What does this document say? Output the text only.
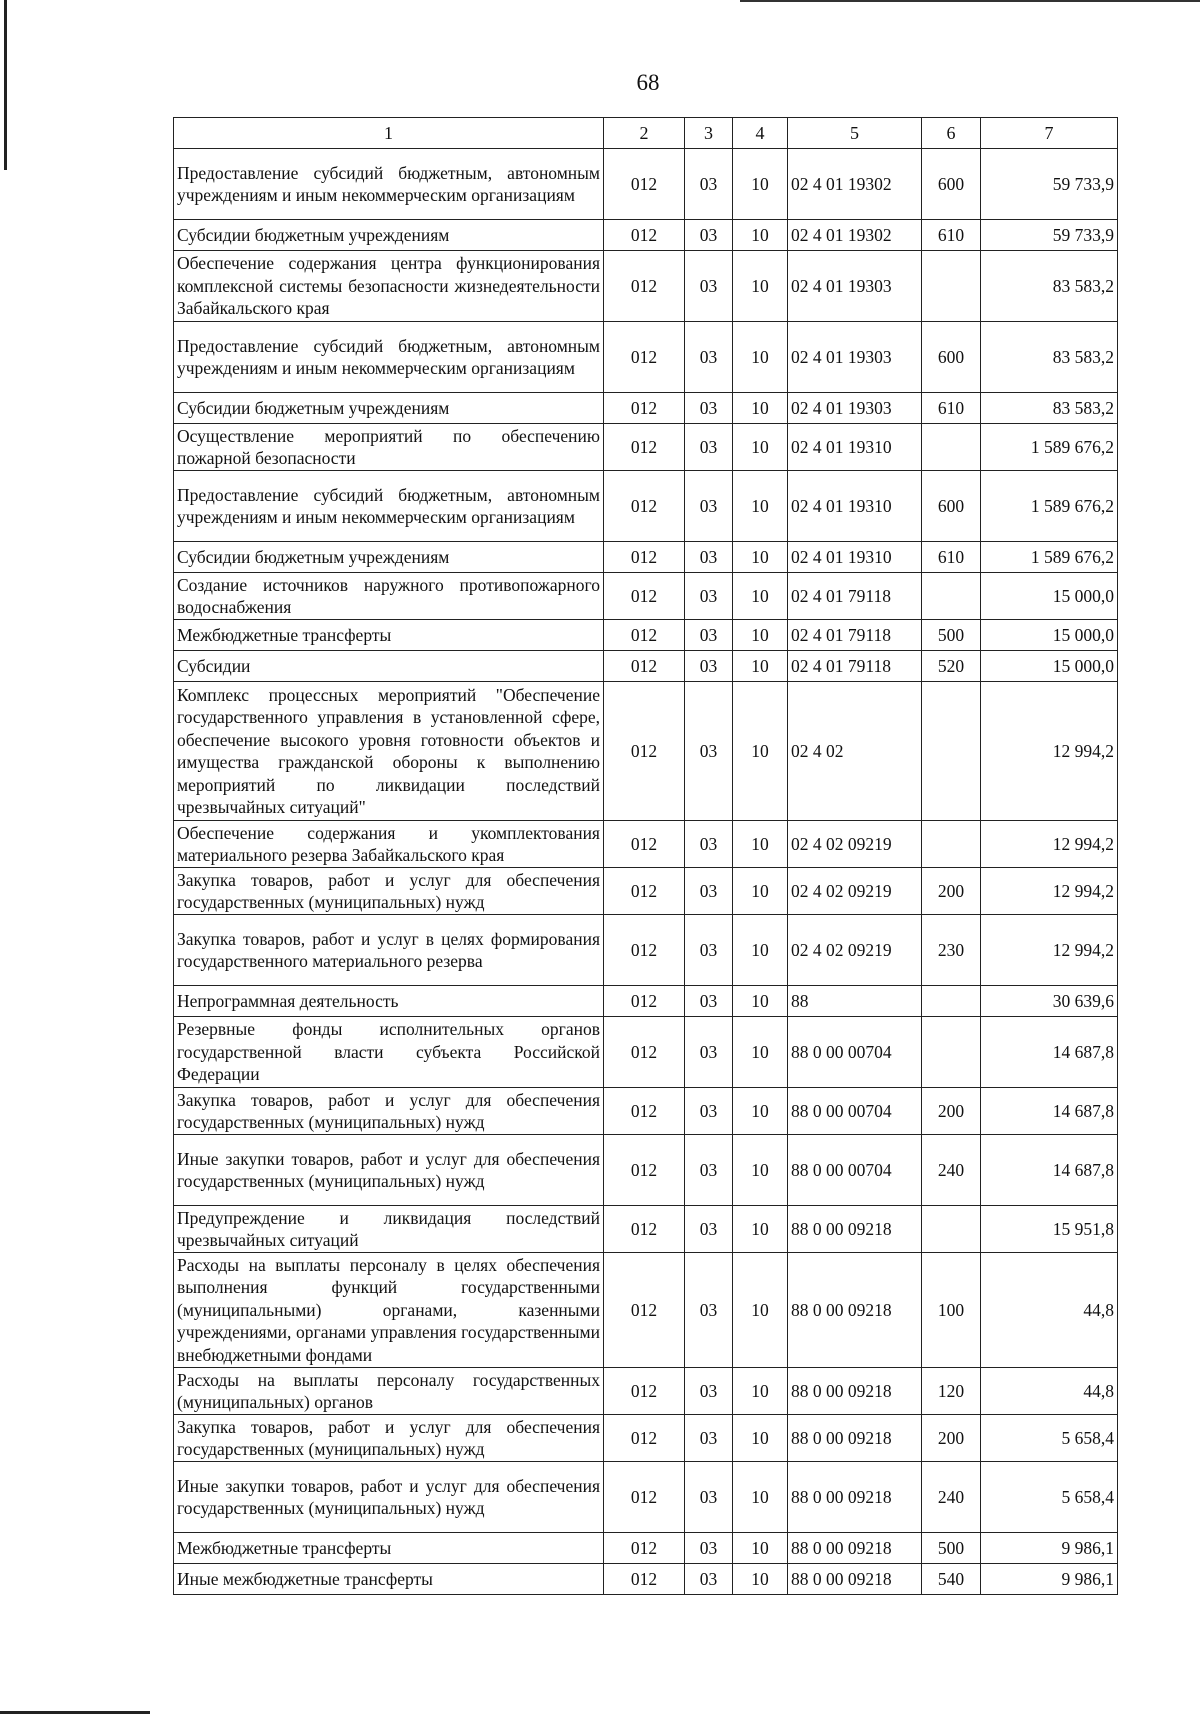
68
1	2	3	4	5	6	7
Предоставление субсидий бюджетным, автономным учреждениям и иным некоммерческим организациям	012	03	10	02 4 01 19302	600	59 733,9
Субсидии бюджетным учреждениям	012	03	10	02 4 01 19302	610	59 733,9
Обеспечение содержания центра функционирования комплексной системы безопасности жизнедеятельности Забайкальского края	012	03	10	02 4 01 19303		83 583,2
Предоставление субсидий бюджетным, автономным учреждениям и иным некоммерческим организациям	012	03	10	02 4 01 19303	600	83 583,2
Субсидии бюджетным учреждениям	012	03	10	02 4 01 19303	610	83 583,2
Осуществление мероприятий по обеспечению пожарной безопасности	012	03	10	02 4 01 19310		1 589 676,2
Предоставление субсидий бюджетным, автономным учреждениям и иным некоммерческим организациям	012	03	10	02 4 01 19310	600	1 589 676,2
Субсидии бюджетным учреждениям	012	03	10	02 4 01 19310	610	1 589 676,2
Создание источников наружного противопожарного водоснабжения	012	03	10	02 4 01 79118		15 000,0
Межбюджетные трансферты	012	03	10	02 4 01 79118	500	15 000,0
Субсидии	012	03	10	02 4 01 79118	520	15 000,0
Комплекс процессных мероприятий "Обеспечение государственного управления в установленной сфере, обеспечение высокого уровня готовности объектов и имущества гражданской обороны к выполнению мероприятий по ликвидации последствий чрезвычайных ситуаций"	012	03	10	02 4 02		12 994,2
Обеспечение содержания и укомплектования материального резерва Забайкальского края	012	03	10	02 4 02 09219		12 994,2
Закупка товаров, работ и услуг для обеспечения государственных (муниципальных) нужд	012	03	10	02 4 02 09219	200	12 994,2
Закупка товаров, работ и услуг в целях формирования государственного материального резерва	012	03	10	02 4 02 09219	230	12 994,2
Непрограммная деятельность	012	03	10	88		30 639,6
Резервные фонды исполнительных органов государственной власти субъекта Российской Федерации	012	03	10	88 0 00 00704		14 687,8
Закупка товаров, работ и услуг для обеспечения государственных (муниципальных) нужд	012	03	10	88 0 00 00704	200	14 687,8
Иные закупки товаров, работ и услуг для обеспечения государственных (муниципальных) нужд	012	03	10	88 0 00 00704	240	14 687,8
Предупреждение и ликвидация последствий чрезвычайных ситуаций	012	03	10	88 0 00 09218		15 951,8
Расходы на выплаты персоналу в целях обеспечения выполнения функций государственными (муниципальными) органами, казенными учреждениями, органами управления государственными внебюджетными фондами	012	03	10	88 0 00 09218	100	44,8
Расходы на выплаты персоналу государственных (муниципальных) органов	012	03	10	88 0 00 09218	120	44,8
Закупка товаров, работ и услуг для обеспечения государственных (муниципальных) нужд	012	03	10	88 0 00 09218	200	5 658,4
Иные закупки товаров, работ и услуг для обеспечения государственных (муниципальных) нужд	012	03	10	88 0 00 09218	240	5 658,4
Межбюджетные трансферты	012	03	10	88 0 00 09218	500	9 986,1
Иные межбюджетные трансферты	012	03	10	88 0 00 09218	540	9 986,1
